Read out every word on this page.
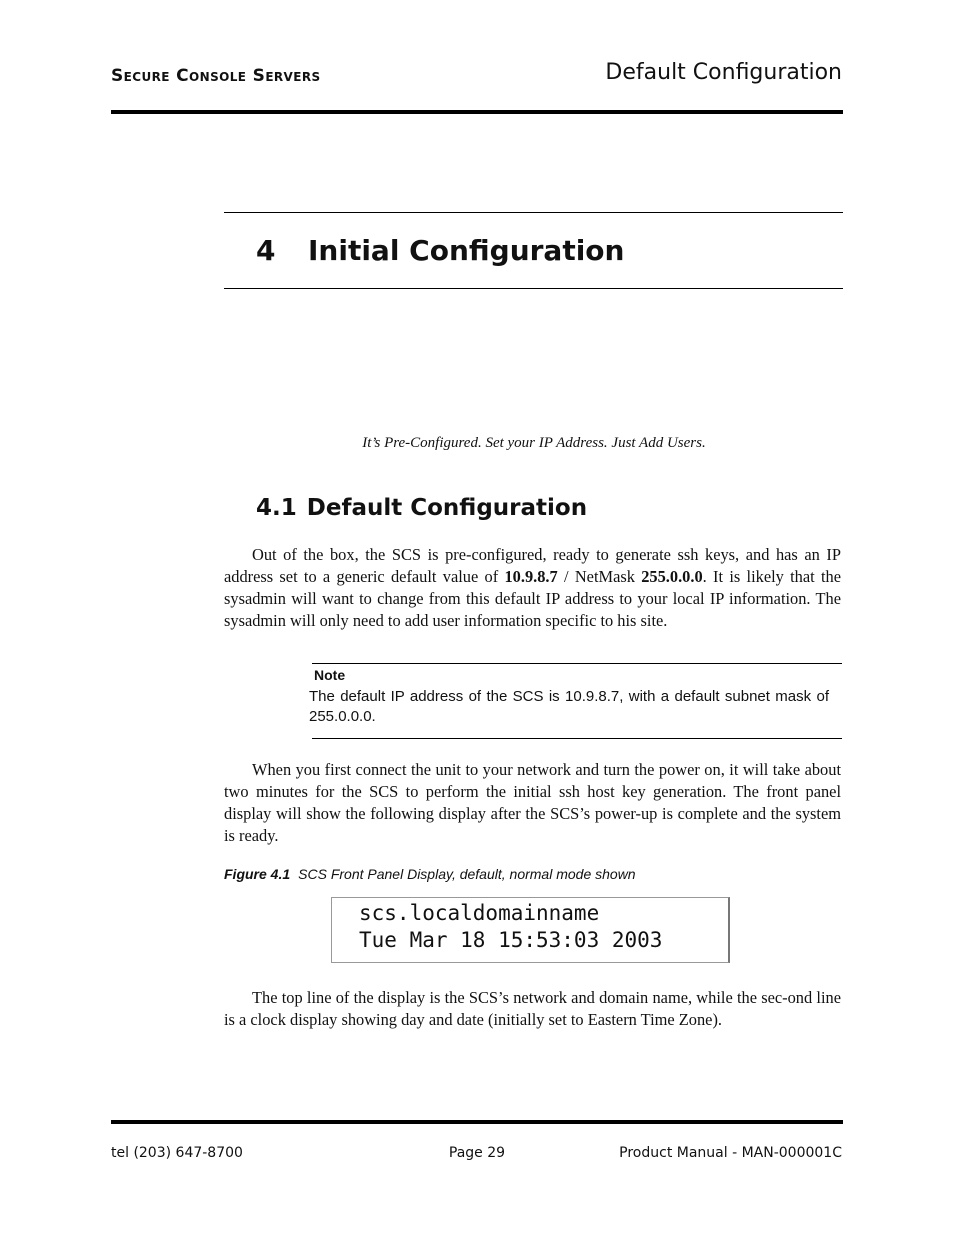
Secure Console Servers	Default Configuration
4 Initial Configuration
It’s Pre-Configured. Set your IP Address. Just Add Users.
4.1 Default Configuration

Out of the box, the SCS is pre-configured, ready to generate ssh keys, and has an IP address set to a generic default value of 10.9.8.7 / NetMask 255.0.0.0. It is likely that the sysadmin will want to change from this default IP address to your local IP information. The sysadmin will only need to add user information specific to his site.

Note
The default IP address of the SCS is 10.9.8.7, with a default subnet mask of 255.0.0.0.

When you first connect the unit to your network and turn the power on, it will take about two minutes for the SCS to perform the initial ssh host key generation. The front panel display will show the following display after the SCS’s power-up is complete and the system is ready.

Figure 4.1 SCS Front Panel Display, default, normal mode shown
scs.localdomainname
Tue Mar 18 15:53:03 2003

The top line of the display is the SCS’s network and domain name, while the sec-ond line is a clock display showing day and date (initially set to Eastern Time Zone).

tel (203) 647-8700	Page 29	Product Manual - MAN-000001C
